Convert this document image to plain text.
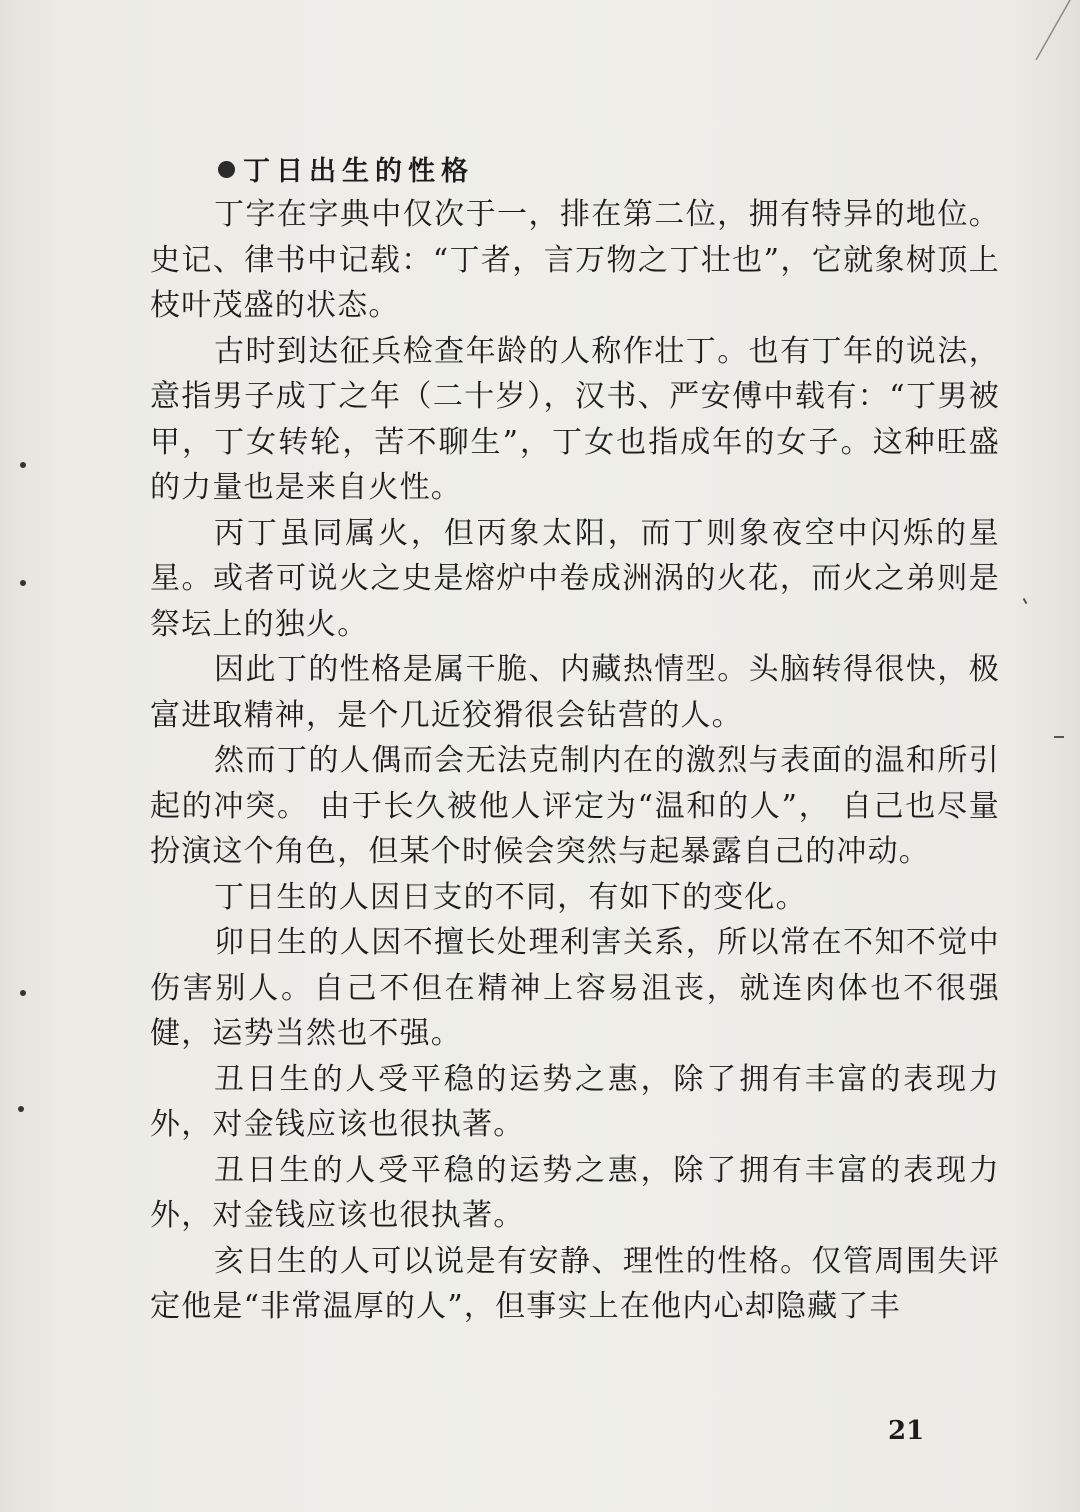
丁日出生的性格

丁字在字典中仅次于一，排在第二位，拥有特异的地位。史记、律书中记载：“丁者，言万物之丁壮也”，它就象树顶上枝叶茂盛的状态。

古时到达征兵检查年龄的人称作壮丁。也有丁年的说法，意指男子成丁之年（二十岁），汉书、严安傅中载有：“丁男被甲，丁女转轮，苦不聊生”，丁女也指成年的女子。这种旺盛的力量也是来自火性。

丙丁虽同属火，但丙象太阳，而丁则象夜空中闪烁的星星。或者可说火之史是熔炉中卷成洲涡的火花，而火之弟则是祭坛上的独火。

因此丁的性格是属干脆、内藏热情型。头脑转得很快，极富进取精神，是个几近狡猾很会钻营的人。

然而丁的人偶而会无法克制内在的激烈与表面的温和所引起的冲突。 由于长久被他人评定为“温和的人”， 自己也尽量扮演这个角色，但某个时候会突然与起暴露自己的冲动。

丁日生的人因日支的不同，有如下的变化。

卯日生的人因不擅长处理利害关系，所以常在不知不觉中伤害别人。自己不但在精神上容易沮丧，就连肉体也不很强健，运势当然也不强。

丑日生的人受平稳的运势之惠，除了拥有丰富的表现力外，对金钱应该也很执著。

丑日生的人受平稳的运势之惠，除了拥有丰富的表现力外，对金钱应该也很执著。

亥日生的人可以说是有安静、理性的性格。仅管周围失评定他是“非常温厚的人”，但事实上在他内心却隐藏了丰

21
